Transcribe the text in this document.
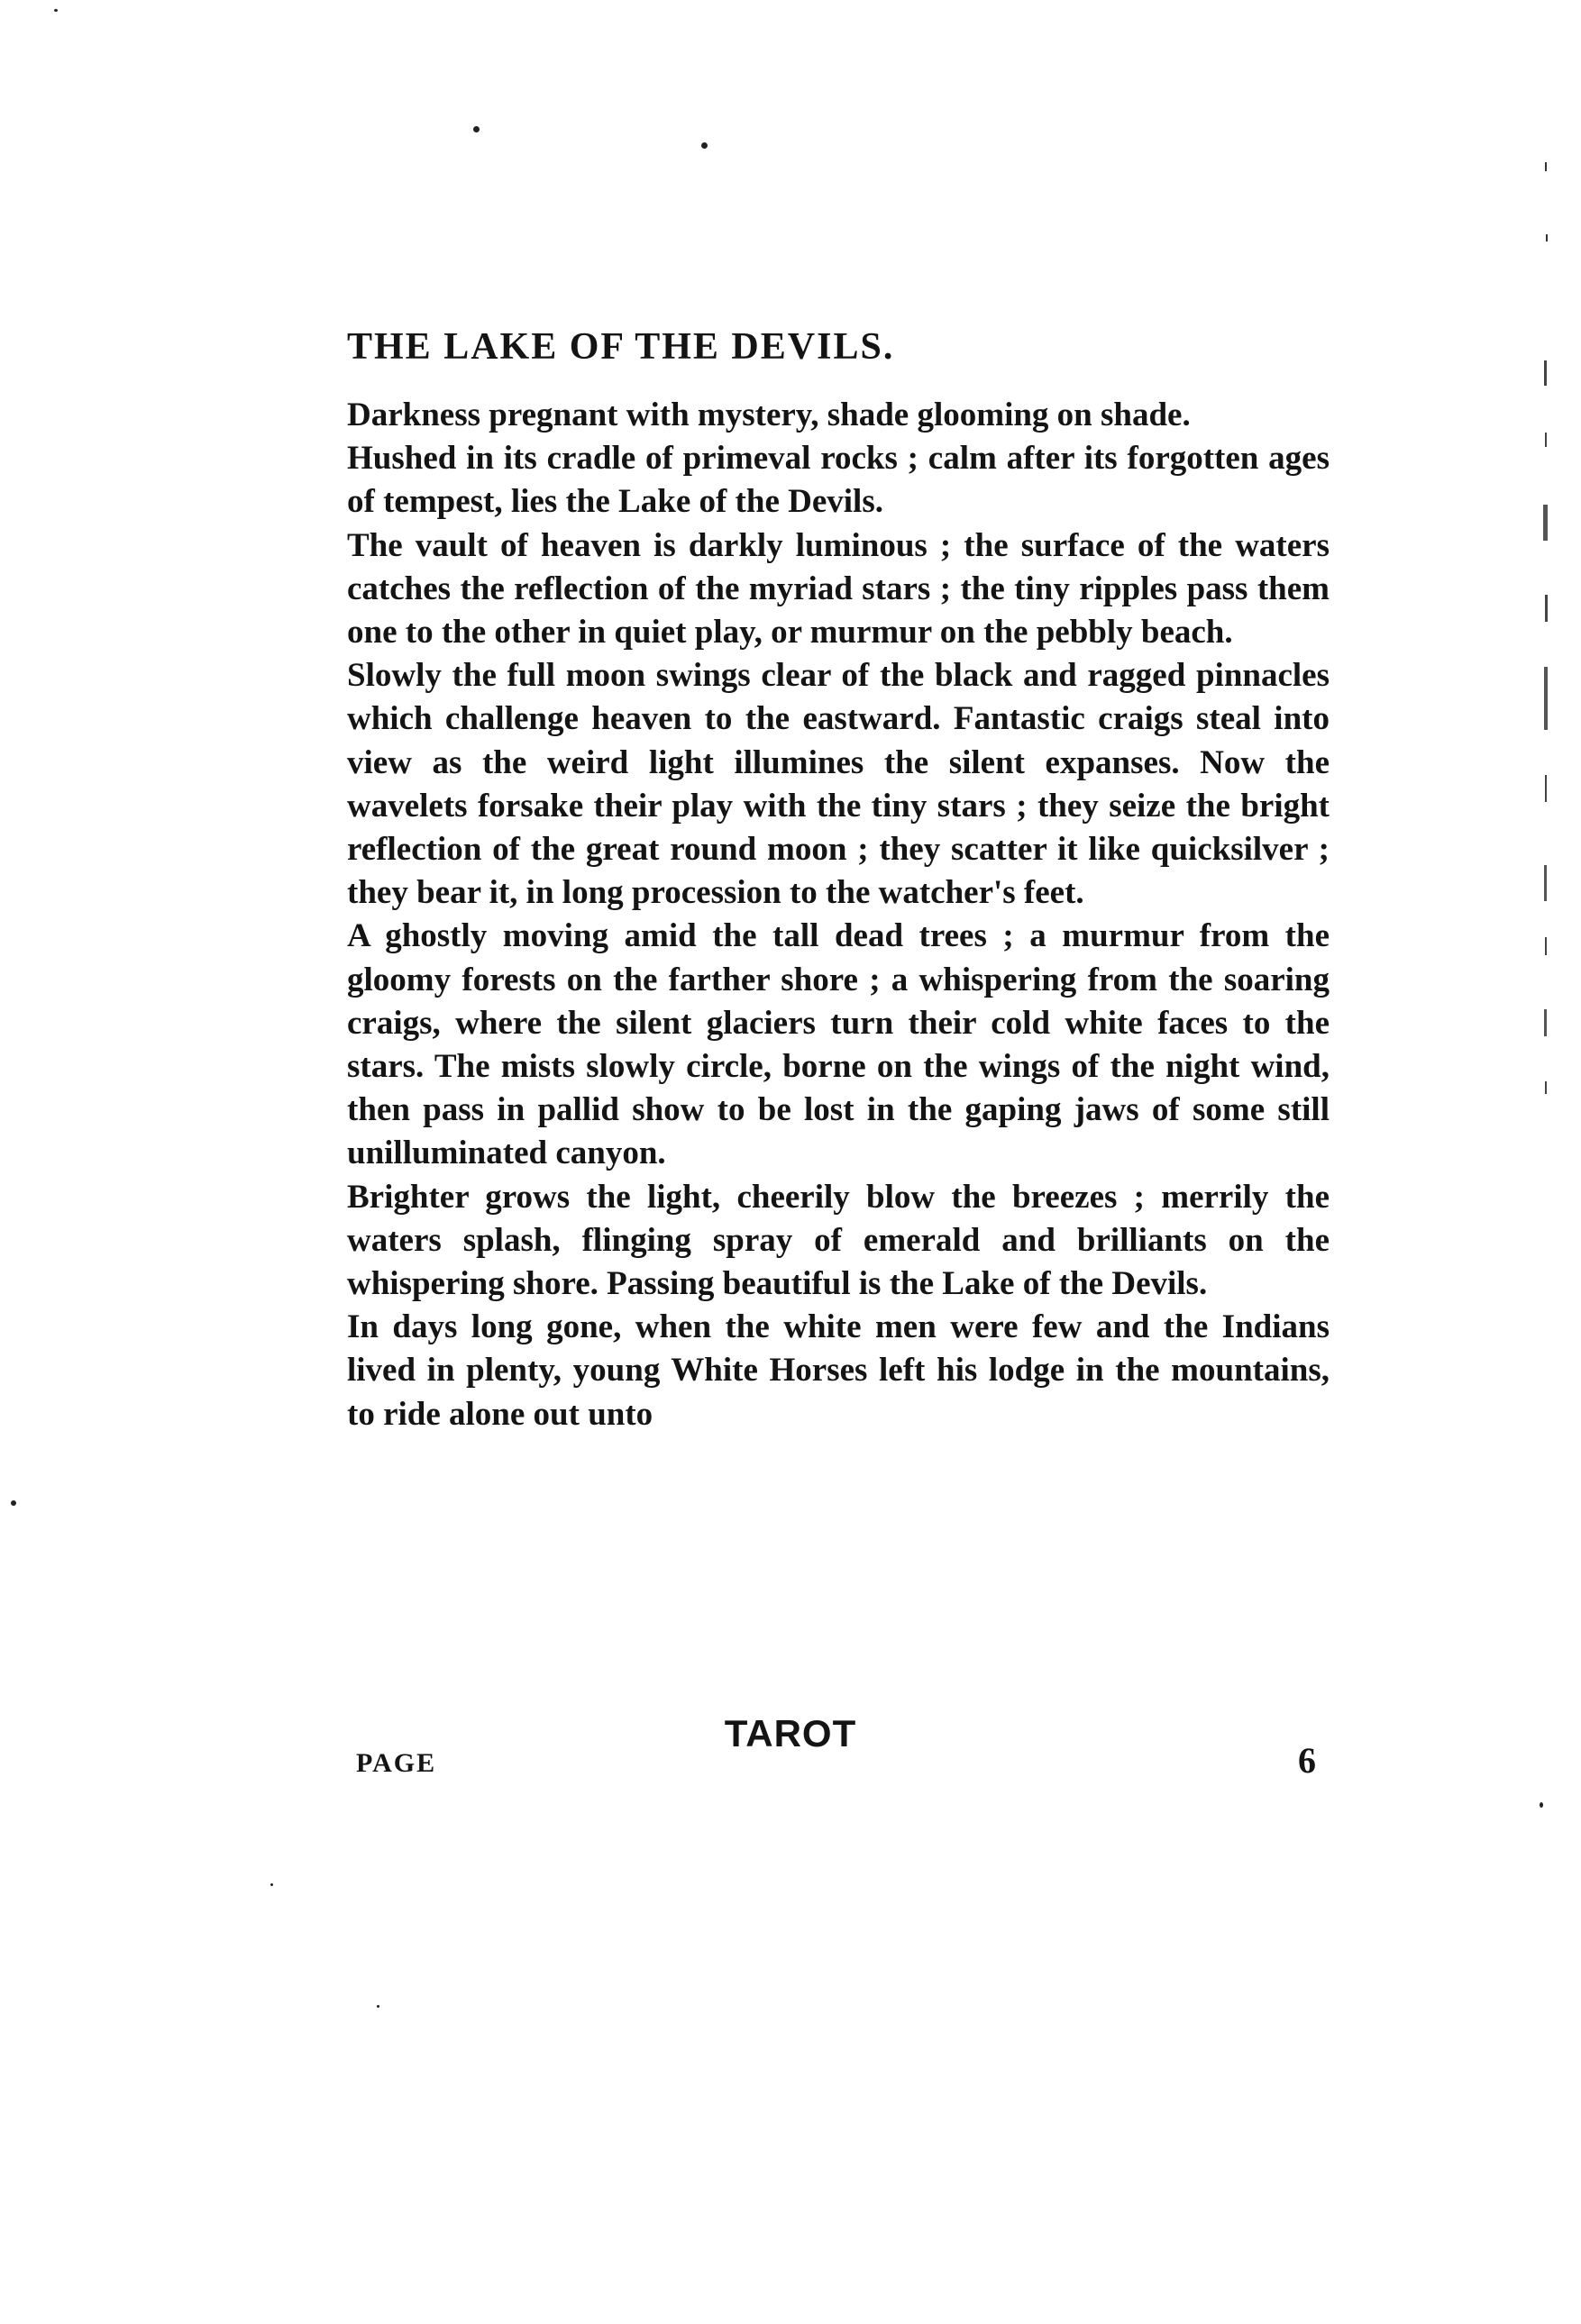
THE LAKE OF THE DEVILS.

Darkness pregnant with mystery, shade glooming on shade.

Hushed in its cradle of primeval rocks ; calm after its forgotten ages of tempest, lies the Lake of the Devils.

The vault of heaven is darkly luminous ; the surface of the waters catches the reflection of the myriad stars ; the tiny ripples pass them one to the other in quiet play, or murmur on the pebbly beach.

Slowly the full moon swings clear of the black and ragged pinnacles which challenge heaven to the eastward. Fantastic craigs steal into view as the weird light illumines the silent expanses. Now the wavelets forsake their play with the tiny stars ; they seize the bright reflection of the great round moon ; they scatter it like quicksilver ; they bear it, in long procession to the watcher's feet.

A ghostly moving amid the tall dead trees ; a murmur from the gloomy forests on the farther shore ; a whispering from the soaring craigs, where the silent glaciers turn their cold white faces to the stars. The mists slowly circle, borne on the wings of the night wind, then pass in pallid show to be lost in the gaping jaws of some still unilluminated canyon.

Brighter grows the light, cheerily blow the breezes ; merrily the waters splash, flinging spray of emerald and brilliants on the whispering shore. Passing beautiful is the Lake of the Devils.

In days long gone, when the white men were few and the Indians lived in plenty, young White Horses left his lodge in the mountains, to ride alone out unto

TAROT
PAGE	6
